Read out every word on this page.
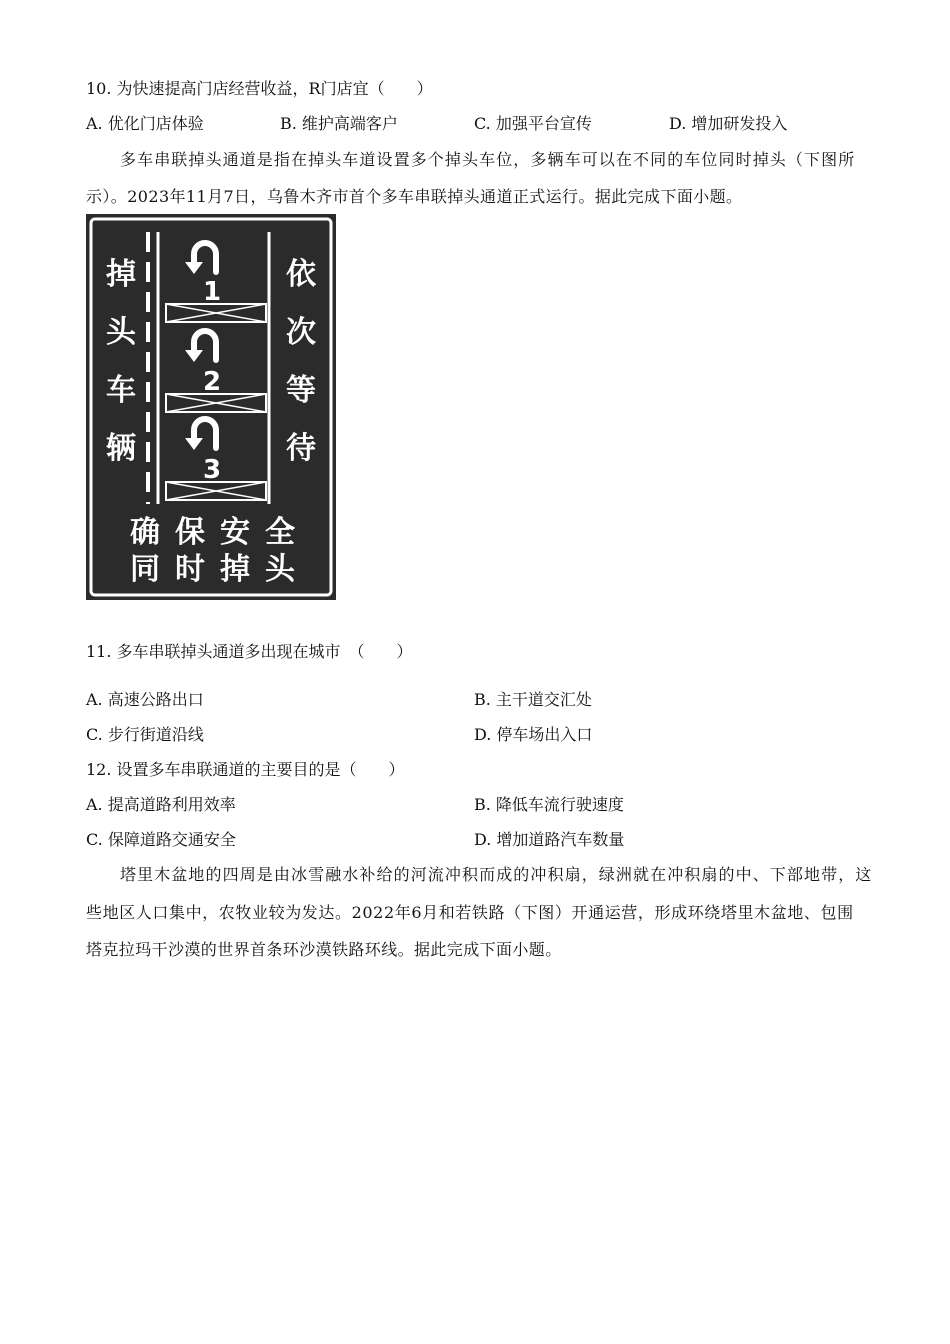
10. 为快速提高门店经营收益，R门店宜（　　）
A. 优化门店体验	B. 维护高端客户	C. 加强平台宣传	D. 增加研发投入
多车串联掉头通道是指在掉头车道设置多个掉头车位，多辆车可以在不同的车位同时掉头（下图所
示）。2023年11月7日，乌鲁木齐市首个多车串联掉头通道正式运行。据此完成下面小题。
1
2
3
掉
头
车
辆
依
次
等
待
确 保 安 全
同 时 掉 头
11. 多车串联掉头通道多出现在城市　（　　）
A. 高速公路出口	B. 主干道交汇处
C. 步行街道沿线	D. 停车场出入口
12. 设置多车串联通道的主要目的是（　　）
A. 提高道路利用效率	B. 降低车流行驶速度
C. 保障道路交通安全	D. 增加道路汽车数量
塔里木盆地的四周是由冰雪融水补给的河流冲积而成的冲积扇，绿洲就在冲积扇的中、下部地带，这
些地区人口集中，农牧业较为发达。2022年6月和若铁路（下图）开通运营，形成环绕塔里木盆地、包围
塔克拉玛干沙漠的世界首条环沙漠铁路环线。据此完成下面小题。
